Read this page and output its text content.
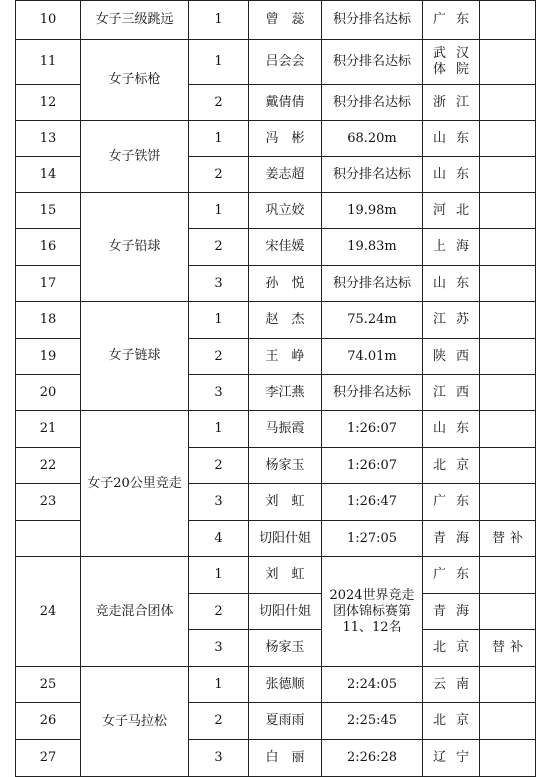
10	女子三级跳远	1	曾　蕊	积分排名达标	广东	
11	女子标枪	1	吕会会	积分排名达标	武汉体院	
12		2	戴倩倩	积分排名达标	浙江	
13	女子铁饼	1	冯　彬	68.20m	山东	
14		2	姜志超	积分排名达标	山东	
15	女子铅球	1	巩立姣	19.98m	河北	
16		2	宋佳媛	19.83m	上海	
17		3	孙　悦	积分排名达标	山东	
18	女子链球	1	赵　杰	75.24m	江苏	
19		2	王　峥	74.01m	陕西	
20		3	李江燕	积分排名达标	江西	
21	女子20公里竞走	1	马振霞	1:26:07	山东	
22		2	杨家玉	1:26:07	北京	
23		3	刘　虹	1:26:47	广东	
		4	切阳什姐	1:27:05	青海	替补
24	竞走混合团体	1	刘　虹	2024世界竞走团体锦标赛第11、12名	广东	
		2	切阳什姐		青海	
		3	杨家玉		北京	替补
25	女子马拉松	1	张德顺	2:24:05	云南	
26		2	夏雨雨	2:25:45	北京	
27		3	白　丽	2:26:28	辽宁	
